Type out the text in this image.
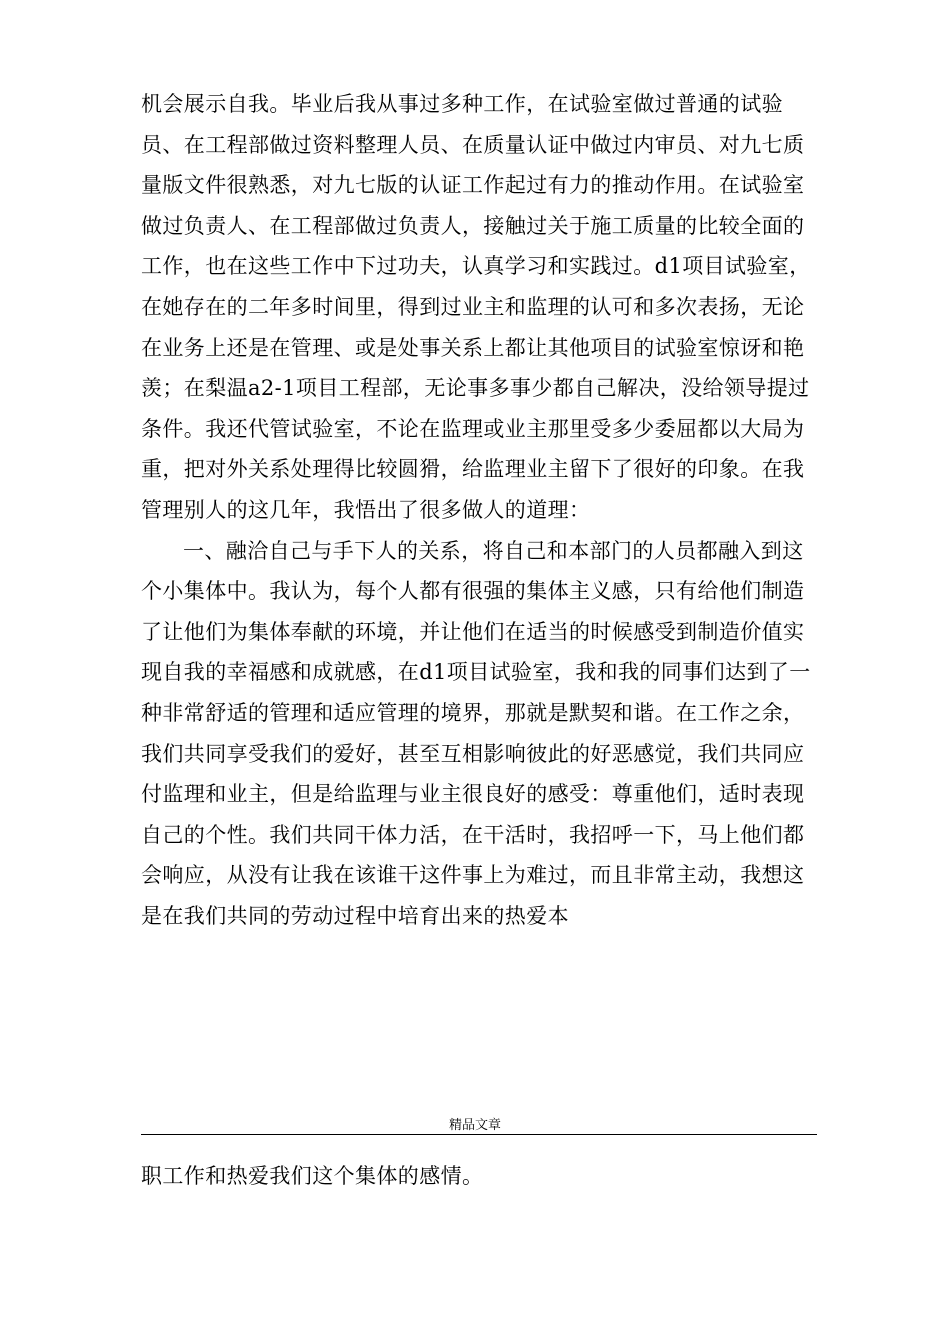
机会展示自我。毕业后我从事过多种工作，在试验室做过普通的试验
员、在工程部做过资料整理人员、在质量认证中做过内审员、对九七质
量版文件很熟悉，对九七版的认证工作起过有力的推动作用。在试验室
做过负责人、在工程部做过负责人，接触过关于施工质量的比较全面的
工作，也在这些工作中下过功夫，认真学习和实践过。d1项目试验室，
在她存在的二年多时间里，得到过业主和监理的认可和多次表扬，无论
在业务上还是在管理、或是处事关系上都让其他项目的试验室惊讶和艳
羡；在梨温a2-1项目工程部，无论事多事少都自己解决，没给领导提过
条件。我还代管试验室，不论在监理或业主那里受多少委屈都以大局为
重，把对外关系处理得比较圆猾，给监理业主留下了很好的印象。在我
管理别人的这几年，我悟出了很多做人的道理：
一、融洽自己与手下人的关系，将自己和本部门的人员都融入到这
个小集体中。我认为，每个人都有很强的集体主义感，只有给他们制造
了让他们为集体奉献的环境，并让他们在适当的时候感受到制造价值实
现自我的幸福感和成就感，在d1项目试验室，我和我的同事们达到了一
种非常舒适的管理和适应管理的境界，那就是默契和谐。在工作之余，
我们共同享受我们的爱好，甚至互相影响彼此的好恶感觉，我们共同应
付监理和业主，但是给监理与业主很良好的感受：尊重他们，适时表现
自己的个性。我们共同干体力活，在干活时，我招呼一下，马上他们都
会响应，从没有让我在该谁干这件事上为难过，而且非常主动，我想这
是在我们共同的劳动过程中培育出来的热爱本
精品文章
职工作和热爱我们这个集体的感情。
